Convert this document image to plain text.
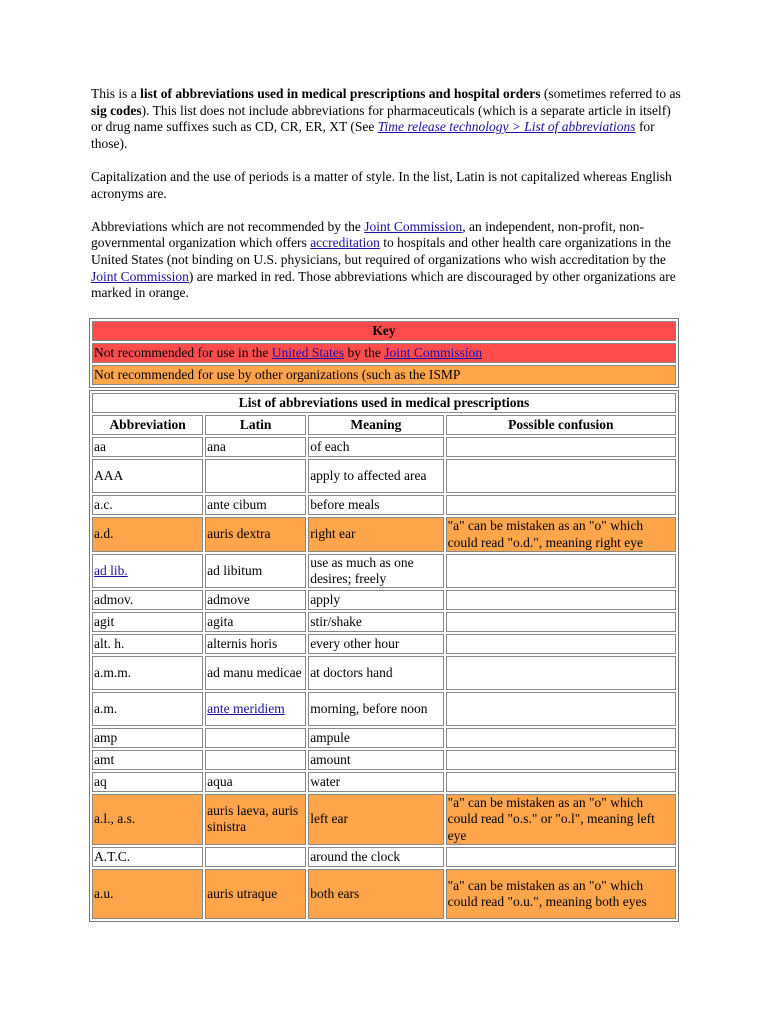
This is a list of abbreviations used in medical prescriptions and hospital orders (sometimes referred to as sig codes). This list does not include abbreviations for pharmaceuticals (which is a separate article in itself) or drug name suffixes such as CD, CR, ER, XT (See Time release technology > List of abbreviations for those).

Capitalization and the use of periods is a matter of style. In the list, Latin is not capitalized whereas English acronyms are.

Abbreviations which are not recommended by the Joint Commission, an independent, non-profit, non-governmental organization which offers accreditation to hospitals and other health care organizations in the United States (not binding on U.S. physicians, but required of organizations who wish accreditation by the Joint Commission) are marked in red. Those abbreviations which are discouraged by other organizations are marked in orange.

Key
Not recommended for use in the United States by the Joint Commission
Not recommended for use by other organizations (such as the ISMP
List of abbreviations used in medical prescriptions			
Abbreviation	Latin	Meaning	Possible confusion
aa	ana	of each	
AAA		apply to affected area	
a.c.	ante cibum	before meals	
a.d.	auris dextra	right ear	"a" can be mistaken as an "o" which could read "o.d.", meaning right eye
ad lib.	ad libitum	use as much as one desires; freely	
admov.	admove	apply	
agit	agita	stir/shake	
alt. h.	alternis horis	every other hour	
a.m.m.	ad manu medicae	at doctors hand	
a.m.	ante meridiem	morning, before noon	
amp		ampule	
amt		amount	
aq	aqua	water	
a.l., a.s.	auris laeva, auris sinistra	left ear	"a" can be mistaken as an "o" which could read "o.s." or "o.l", meaning left eye
A.T.C.		around the clock	
a.u.	auris utraque	both ears	"a" can be mistaken as an "o" which could read "o.u.", meaning both eyes
